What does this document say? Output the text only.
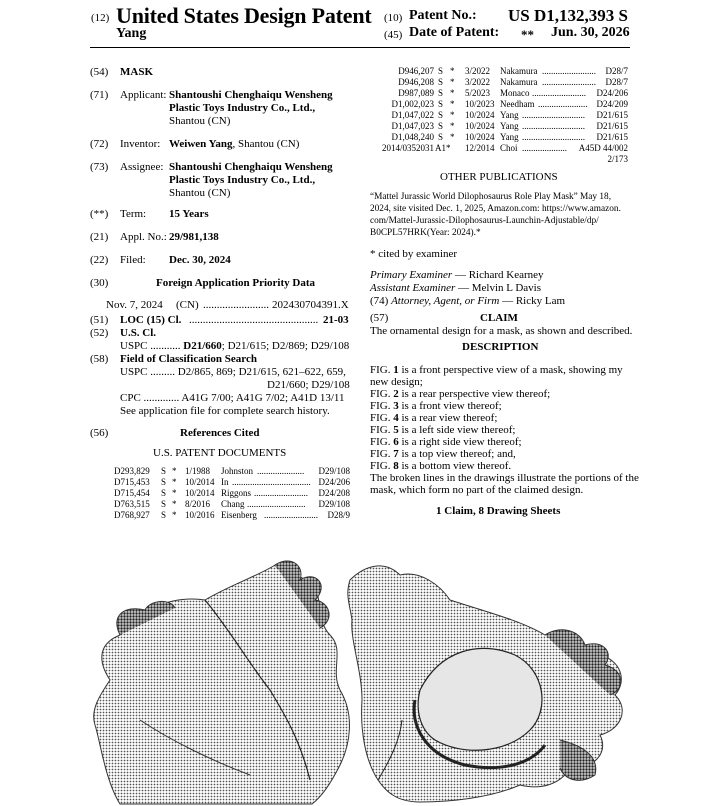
(12) United States Design Patent
Yang
(10) Patent No.: US D1,132,393 S
(45) Date of Patent: ** Jun. 30, 2026
(54) MASK
(71) Applicant: Shantoushi Chenghaiqu Wensheng
Plastic Toys Industry Co., Ltd.,
Shantou (CN)
(72) Inventor: Weiwen Yang, Shantou (CN)
(73) Assignee: Shantoushi Chenghaiqu Wensheng
Plastic Toys Industry Co., Ltd.,
Shantou (CN)
(**) Term: 15 Years
(21) Appl. No.: 29/981,138
(22) Filed: Dec. 30, 2024
(30)	Foreign Application Priority Data
Nov. 7, 2024 (CN) ........................ 202430704391.X
(51) LOC (15) Cl. ............................................... 21-03
(52) U.S. Cl.
USPC ........... D21/660; D21/615; D2/869; D29/108
(58) Field of Classification Search
USPC ......... D2/865, 869; D21/615, 621–622, 659,
D21/660; D29/108
CPC ............. A41G 7/00; A41G 7/02; A41D 13/11
See application file for complete search history.
(56)	References Cited
U.S. PATENT DOCUMENTS
D293,829 S * 1/1988 Johnston ..................... D29/108
D715,453 S * 10/2014 In ................................... D24/206
D715,454 S * 10/2014 Riggons ........................ D24/208
D763,515 S * 8/2016 Chang .......................... D29/108
D768,927 S * 10/2016 Eisenberg ........................ D28/9
D946,207 S * 3/2022 Nakamura ........................ D28/7
D946,208 S * 3/2022 Nakamura ........................ D28/7
D987,089 S * 5/2023 Monaco ........................ D24/206
D1,002,023 S * 10/2023 Needham ...................... D24/209
D1,047,022 S * 10/2024 Yang ............................ D21/615
D1,047,023 S * 10/2024 Yang ............................ D21/615
D1,048,240 S * 10/2024 Yang ............................ D21/615
2014/0352031 A1* 12/2014 Choi .................... A45D 44/002
2/173
OTHER PUBLICATIONS
“Mattel Jurassic World Dilophosaurus Role Play Mask” May 18,
2024, site visited Dec. 1, 2025, Amazon.com: https://www.amazon.
com/Mattel-Jurassic-Dilophosaurus-Launchin-Adjustable/dp/
B0CPL57HRK(Year: 2024).*
* cited by examiner
Primary Examiner — Richard Kearney
Assistant Examiner — Melvin L Davis
(74) Attorney, Agent, or Firm — Ricky Lam
(57)	CLAIM
The ornamental design for a mask, as shown and described.
DESCRIPTION
FIG. 1 is a front perspective view of a mask, showing my
new design;
FIG. 2 is a rear perspective view thereof;
FIG. 3 is a front view thereof;
FIG. 4 is a rear view thereof;
FIG. 5 is a left side view thereof;
FIG. 6 is a right side view thereof;
FIG. 7 is a top view thereof; and,
FIG. 8 is a bottom view thereof.
The broken lines in the drawings illustrate the portions of the
mask, which form no part of the claimed design.
1 Claim, 8 Drawing Sheets
